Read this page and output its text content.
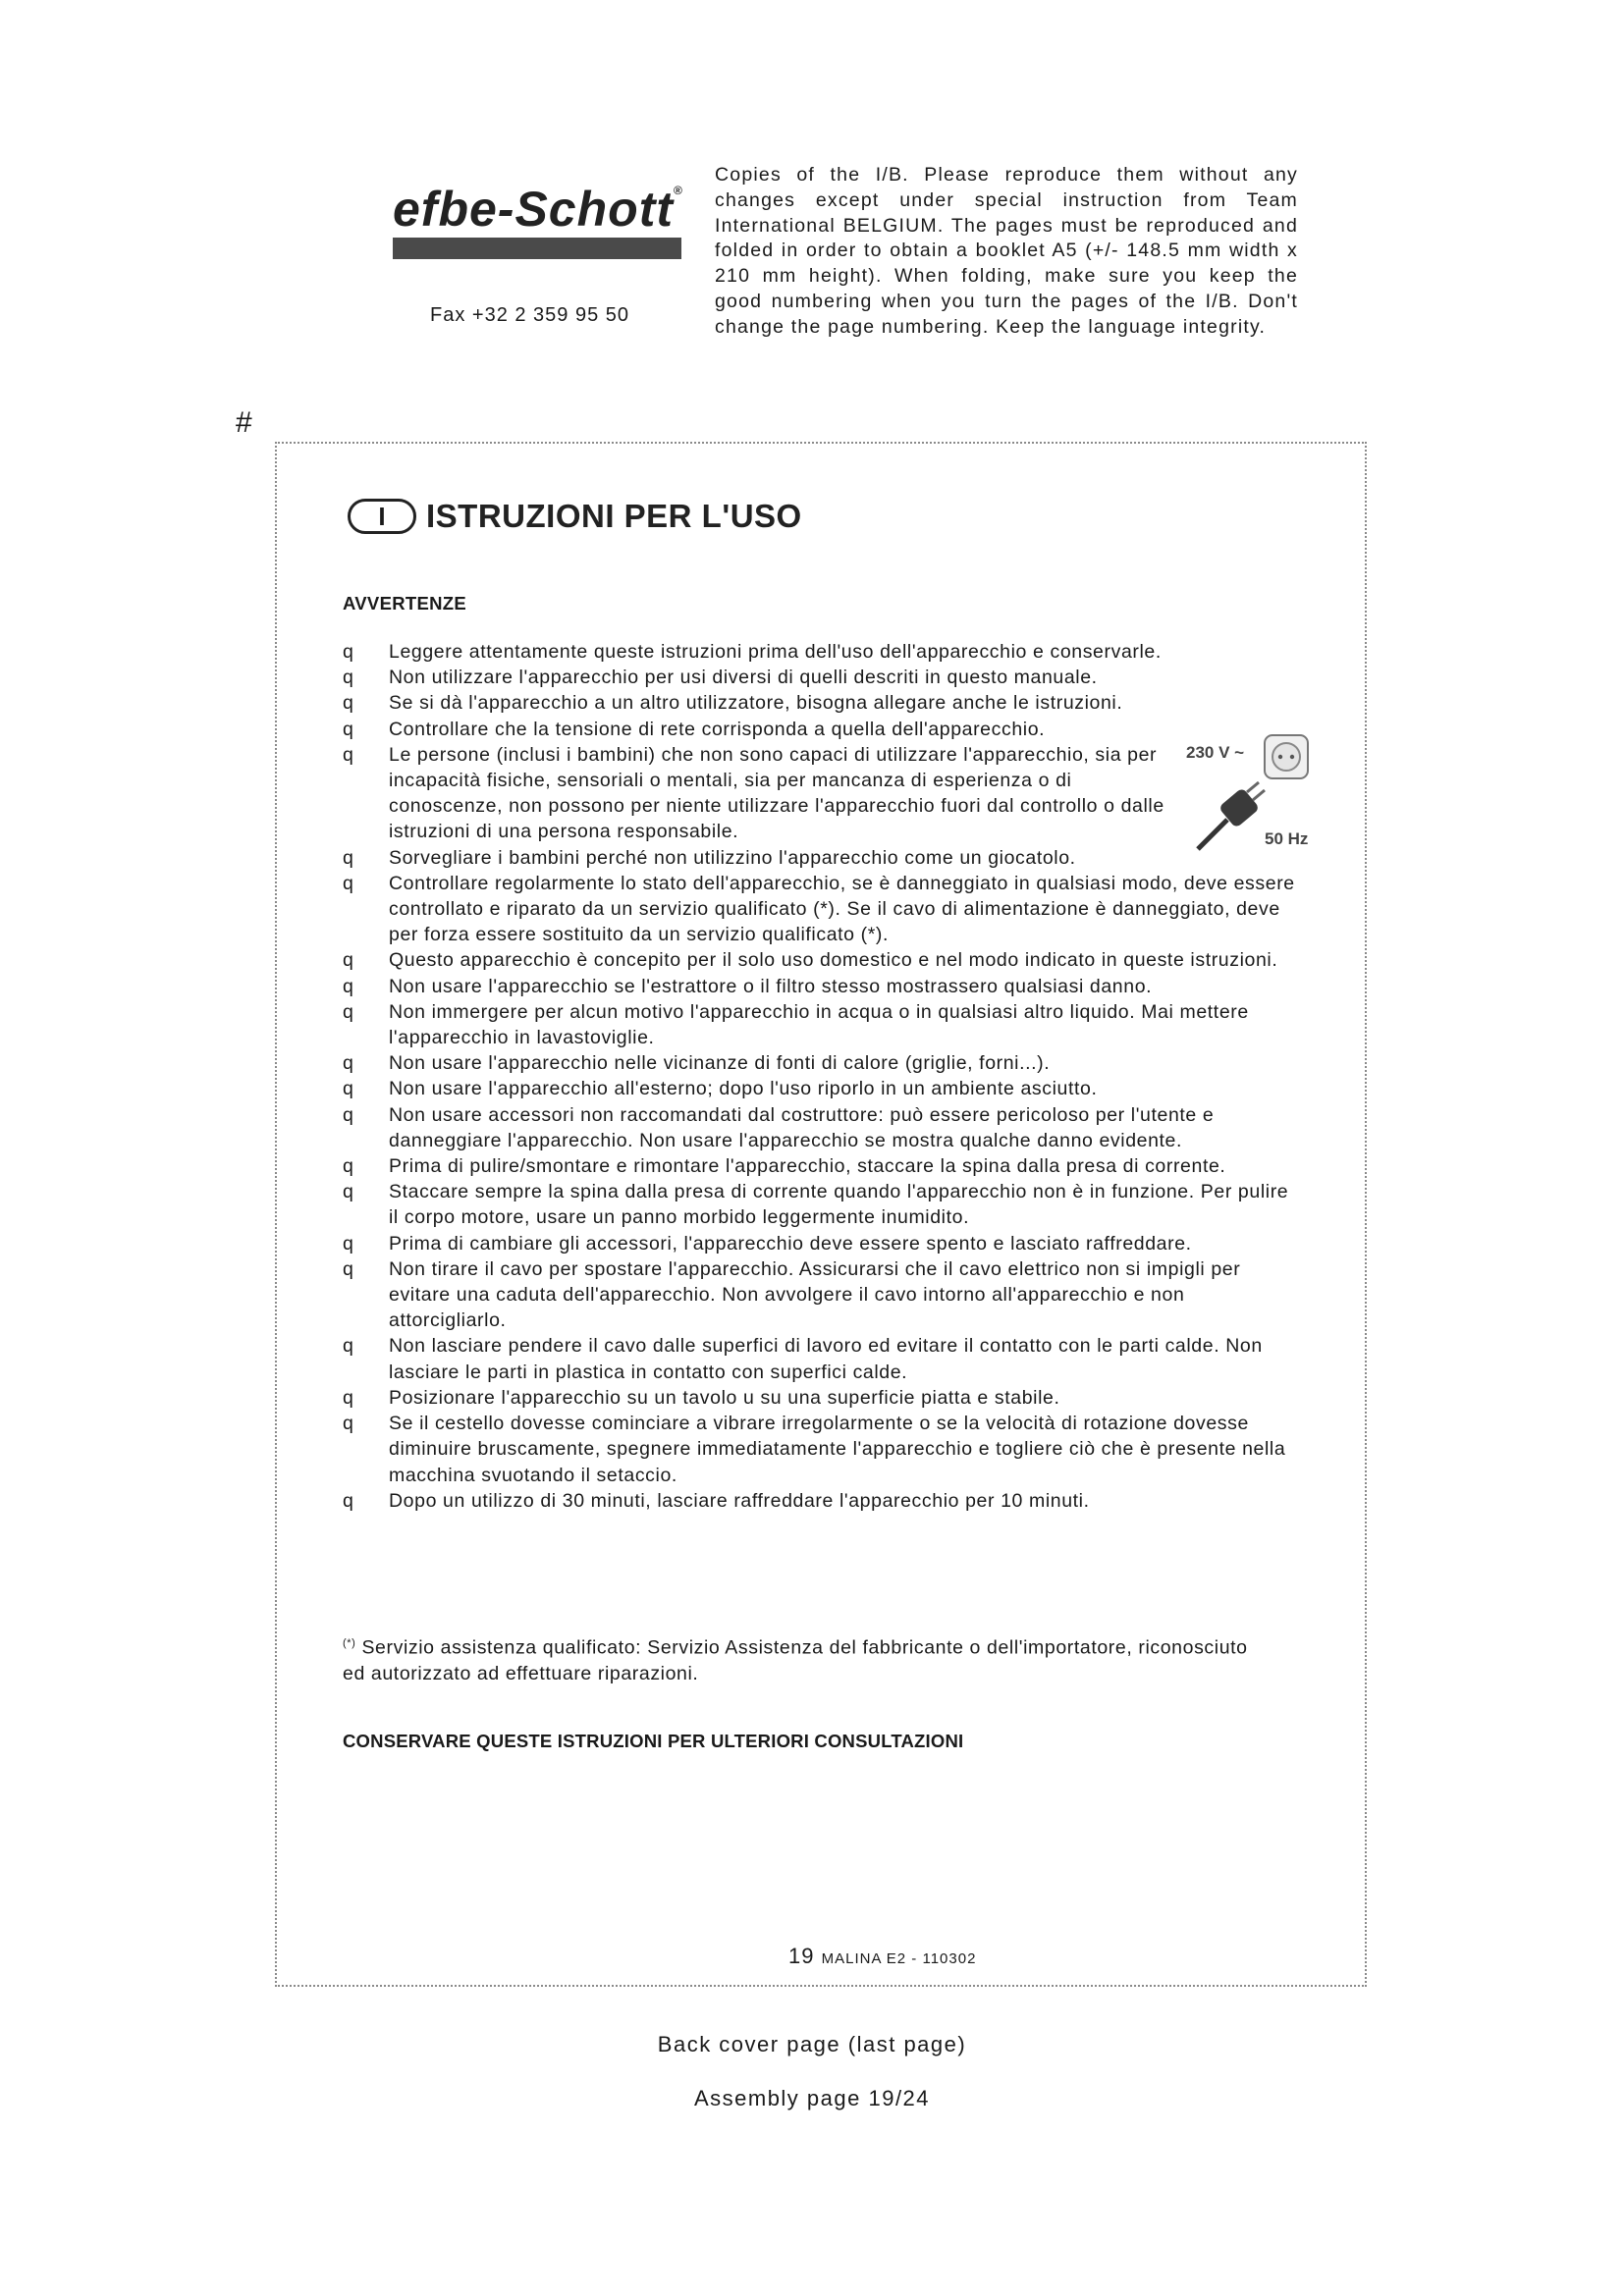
efbe-Schott®
Fax +32 2 359 95 50
Copies of the I/B. Please reproduce them without any changes except under special instruction from Team International BELGIUM. The pages must be reproduced and folded in order to obtain a booklet A5 (+/- 148.5 mm width x 210 mm height). When folding, make sure you keep the good numbering when you turn the pages of the I/B. Don't change the page numbering. Keep the language integrity.
#
I	ISTRUZIONI PER L'USO
AVVERTENZE
q	Leggere attentamente queste istruzioni prima dell'uso dell'apparecchio e conservarle.
q	Non utilizzare l'apparecchio per usi diversi di quelli descriti in questo manuale.
q	Se si dà l'apparecchio a un altro utilizzatore, bisogna allegare anche le istruzioni.
q	Controllare che la tensione di rete corrisponda a quella dell'apparecchio.
q	Le persone (inclusi i bambini) che non sono capaci di utilizzare l'apparecchio, sia per incapacità fisiche, sensoriali o mentali, sia per mancanza di esperienza o di conoscenze, non possono per niente utilizzare l'apparecchio fuori dal controllo o dalle istruzioni di una persona responsabile.
q	Sorvegliare i bambini perché non utilizzino l'apparecchio come un giocatolo.
q	Controllare regolarmente lo stato dell'apparecchio, se è danneggiato in qualsiasi modo, deve essere controllato e riparato da un servizio qualificato (*). Se il cavo di alimentazione è danneggiato, deve per forza essere sostituito da un servizio qualificato (*).
q	Questo apparecchio è concepito per il solo uso domestico e nel modo indicato in queste istruzioni.
q	Non usare l'apparecchio se l'estrattore o il filtro stesso mostrassero qualsiasi danno.
q	Non immergere per alcun motivo l'apparecchio in acqua o in qualsiasi altro liquido. Mai mettere l'apparecchio in lavastoviglie.
q	Non usare l'apparecchio nelle vicinanze di fonti di calore (griglie, forni...).
q	Non usare l'apparecchio all'esterno; dopo l'uso riporlo in un ambiente asciutto.
q	Non usare accessori non raccomandati dal costruttore: può essere pericoloso per l'utente e danneggiare l'apparecchio. Non usare l'apparecchio se mostra qualche danno evidente.
q	Prima di pulire/smontare e rimontare l'apparecchio, staccare la spina dalla presa di corrente.
q	Staccare sempre la spina dalla presa di corrente quando l'apparecchio non è in funzione. Per pulire il corpo motore, usare un panno morbido leggermente inumidito.
q	Prima di cambiare gli accessori, l'apparecchio deve essere spento e lasciato raffreddare.
q	Non tirare il cavo per spostare l'apparecchio. Assicurarsi che il cavo elettrico non si impigli per evitare una caduta dell'apparecchio. Non avvolgere il cavo intorno all'apparecchio e non attorcigliarlo.
q	Non lasciare pendere il cavo dalle superfici di lavoro ed evitare il contatto con le parti calde. Non lasciare le parti in plastica in contatto con superfici calde.
q	Posizionare l'apparecchio su un tavolo u su una superficie piatta e stabile.
q	Se il cestello dovesse cominciare a vibrare irregolarmente o se la velocità di rotazione dovesse diminuire bruscamente, spegnere immediatamente l'apparecchio e togliere ciò che è presente nella macchina svuotando il setaccio.
q	Dopo un utilizzo di 30 minuti, lasciare raffreddare l'apparecchio per 10 minuti.
230 V ~
50 Hz
(*) Servizio assistenza qualificato: Servizio Assistenza del fabbricante o dell'importatore, riconosciuto ed autorizzato ad effettuare riparazioni.
CONSERVARE QUESTE ISTRUZIONI PER ULTERIORI CONSULTAZIONI
19 MALINA E2 - 110302
Back cover page (last page)
Assembly page 19/24
